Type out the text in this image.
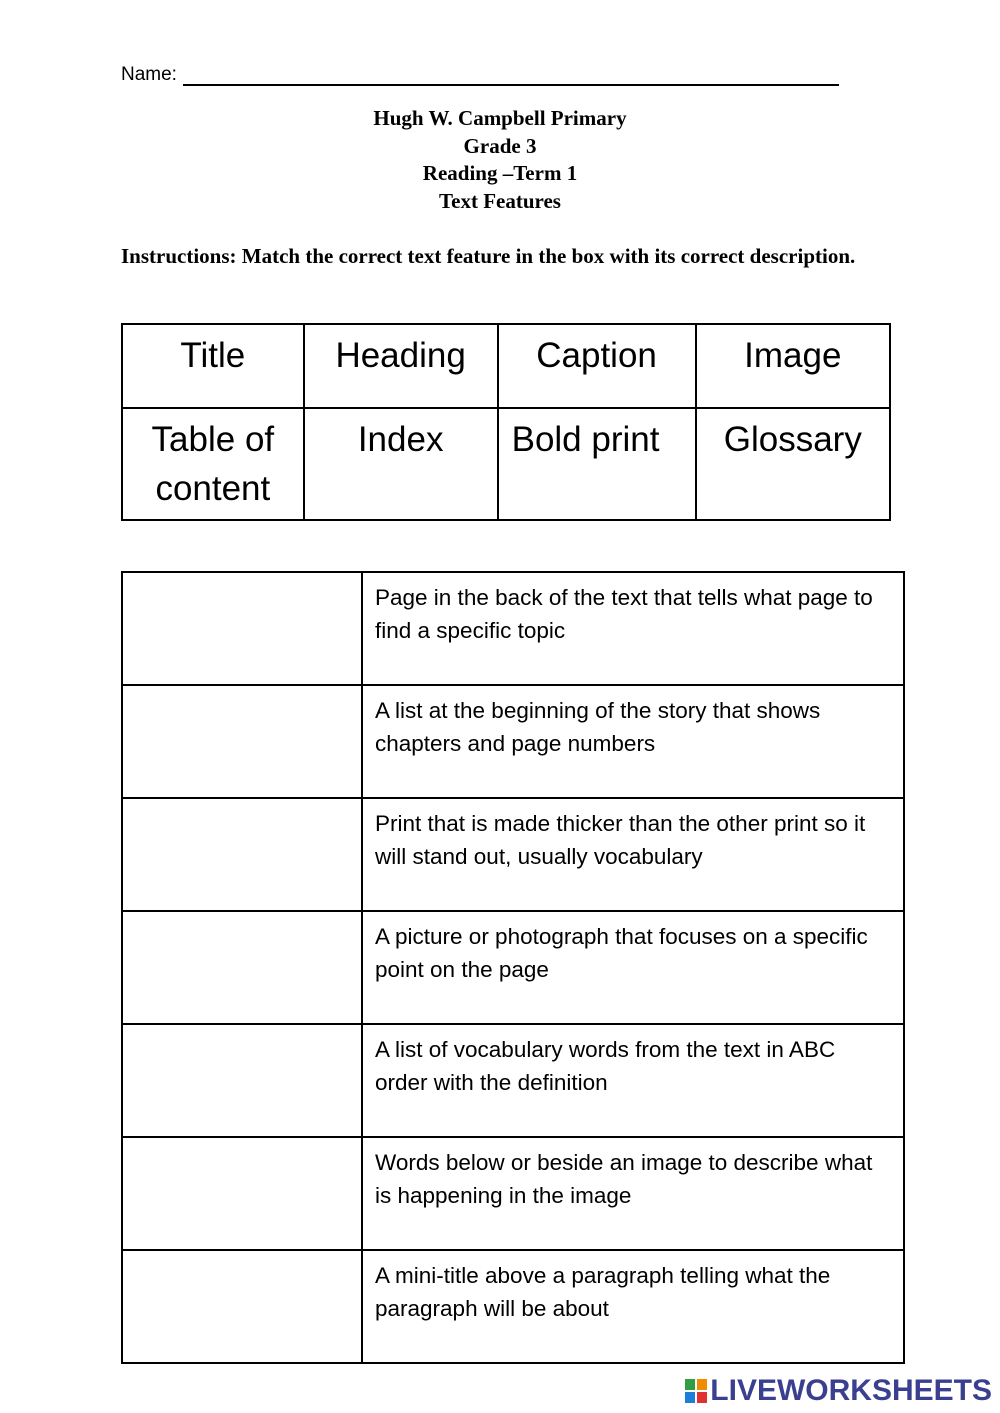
Name:
Hugh W. Campbell Primary
Grade 3
Reading –Term 1
Text Features
Instructions: Match the correct text feature in the box with its correct description.
Title	Heading	Caption	Image
Table of content	Index	Bold print	Glossary
	Page in the back of the text that tells what page to find a specific topic
	A list at the beginning of the story that shows chapters and page numbers
	Print that is made thicker than the other print so it will stand out, usually vocabulary
	A picture or photograph that focuses on a specific point on the page
	A list of vocabulary words from the text in ABC order with the definition
	Words below or beside an image to describe what is happening in the image
	A mini-title above a paragraph telling what the paragraph will be about
LIVEWORKSHEETS
